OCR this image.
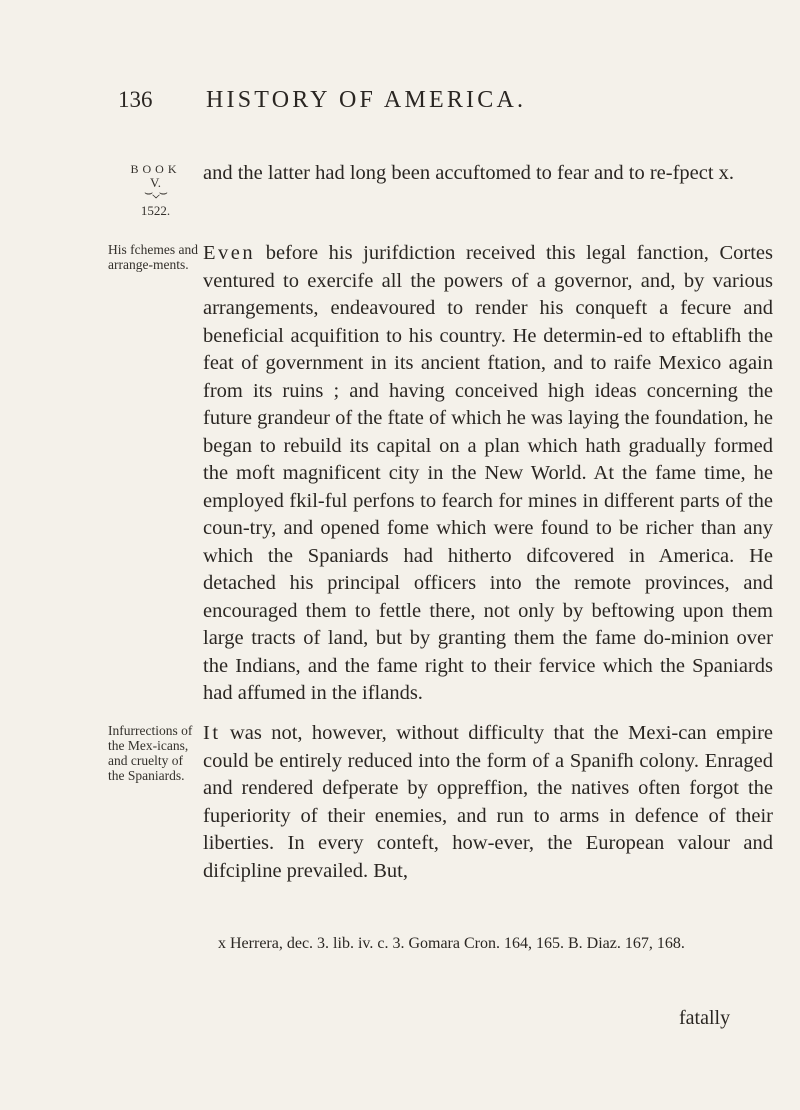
136 HISTORY OF AMERICA.
BOOK
V.
⌣⌄⌣
1522.
His fchemes and arrange-ments.
Infurrections of the Mex-icans, and cruelty of the Spaniards.
and the latter had long been accuftomed to fear and to re-fpect x.
Even before his jurifdiction received this legal fanction, Cortes ventured to exercife all the powers of a governor, and, by various arrangements, endeavoured to render his conqueft a fecure and beneficial acquifition to his country. He determin-ed to eftablifh the feat of government in its ancient ftation, and to raife Mexico again from its ruins ; and having conceived high ideas concerning the future grandeur of the ftate of which he was laying the foundation, he began to rebuild its capital on a plan which hath gradually formed the moft magnificent city in the New World. At the fame time, he employed fkil-ful perfons to fearch for mines in different parts of the coun-try, and opened fome which were found to be richer than any which the Spaniards had hitherto difcovered in America. He detached his principal officers into the remote provinces, and encouraged them to fettle there, not only by beftowing upon them large tracts of land, but by granting them the fame do-minion over the Indians, and the fame right to their fervice which the Spaniards had affumed in the iflands.
It was not, however, without difficulty that the Mexi-can empire could be entirely reduced into the form of a Spanifh colony. Enraged and rendered defperate by oppreffion, the natives often forgot the fuperiority of their enemies, and run to arms in defence of their liberties. In every conteft, how-ever, the European valour and difcipline prevailed. But,
x Herrera, dec. 3. lib. iv. c. 3. Gomara Cron. 164, 165. B. Diaz. 167, 168.
fatally
